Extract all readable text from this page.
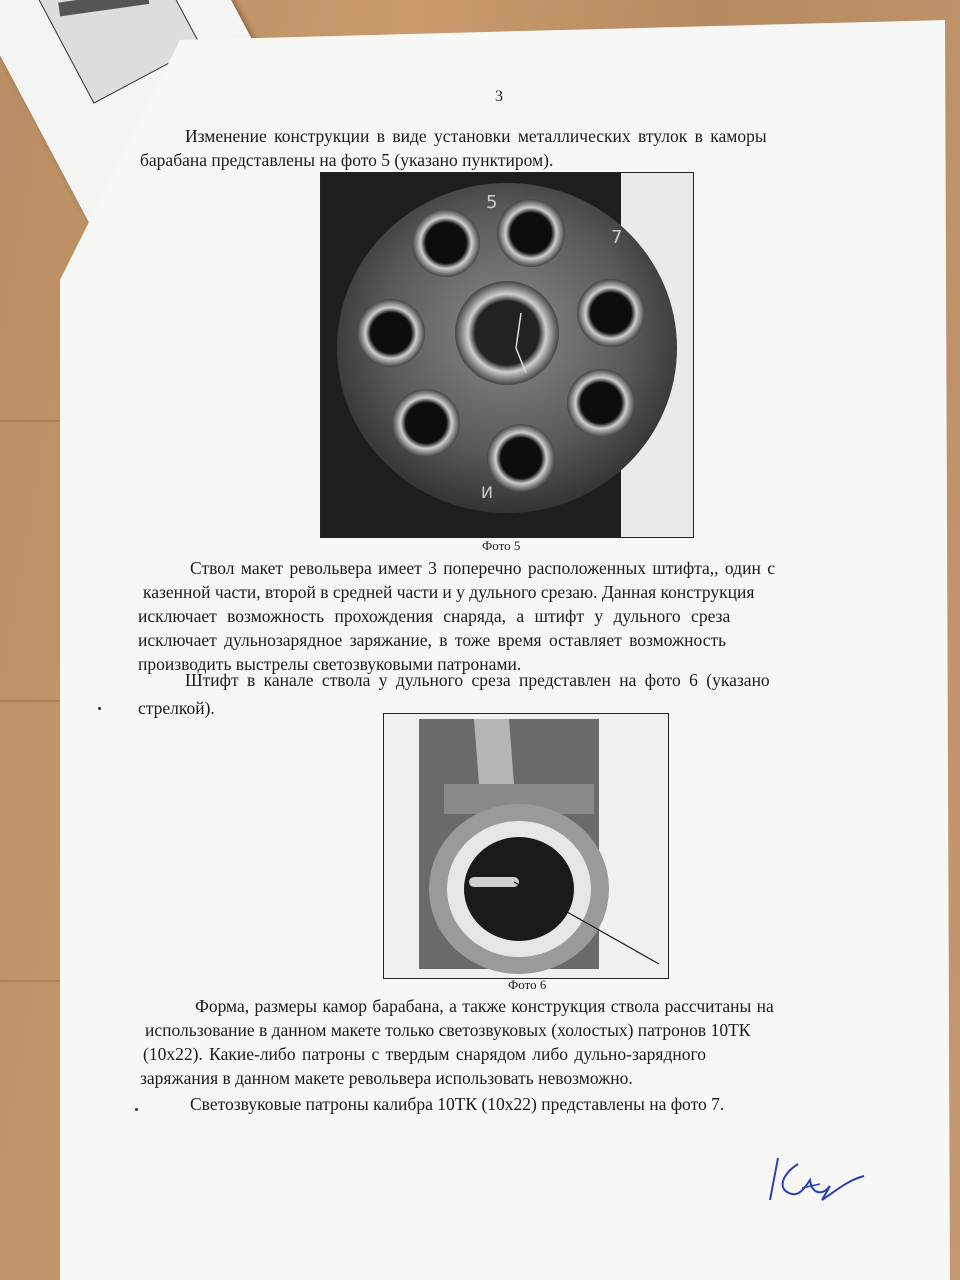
3
Изменение конструкции в виде установки металлических втулок в каморы
барабана представлены на фото 5 (указано пунктиром).
5
7
И
Фото 5
Ствол макет револьвера имеет 3 поперечно расположенных штифта,, один с
казенной части, второй в средней части и у дульного срезаю. Данная конструкция
исключает возможность прохождения снаряда, а штифт у дульного среза
исключает дульнозарядное заряжание, в тоже время оставляет возможность
производить выстрелы светозвуковыми патронами.
Штифт в канале ствола у дульного среза представлен на фото 6 (указано
стрелкой).
Фото 6
Форма, размеры камор барабана, а также конструкция ствола рассчитаны на
использование в данном макете только светозвуковых (холостых) патронов 10ТК
(10х22). Какие-либо патроны с твердым снарядом либо дульно-зарядного
заряжания в данном макете револьвера использовать невозможно.
Светозвуковые патроны калибра 10ТК (10х22) представлены на фото 7.
